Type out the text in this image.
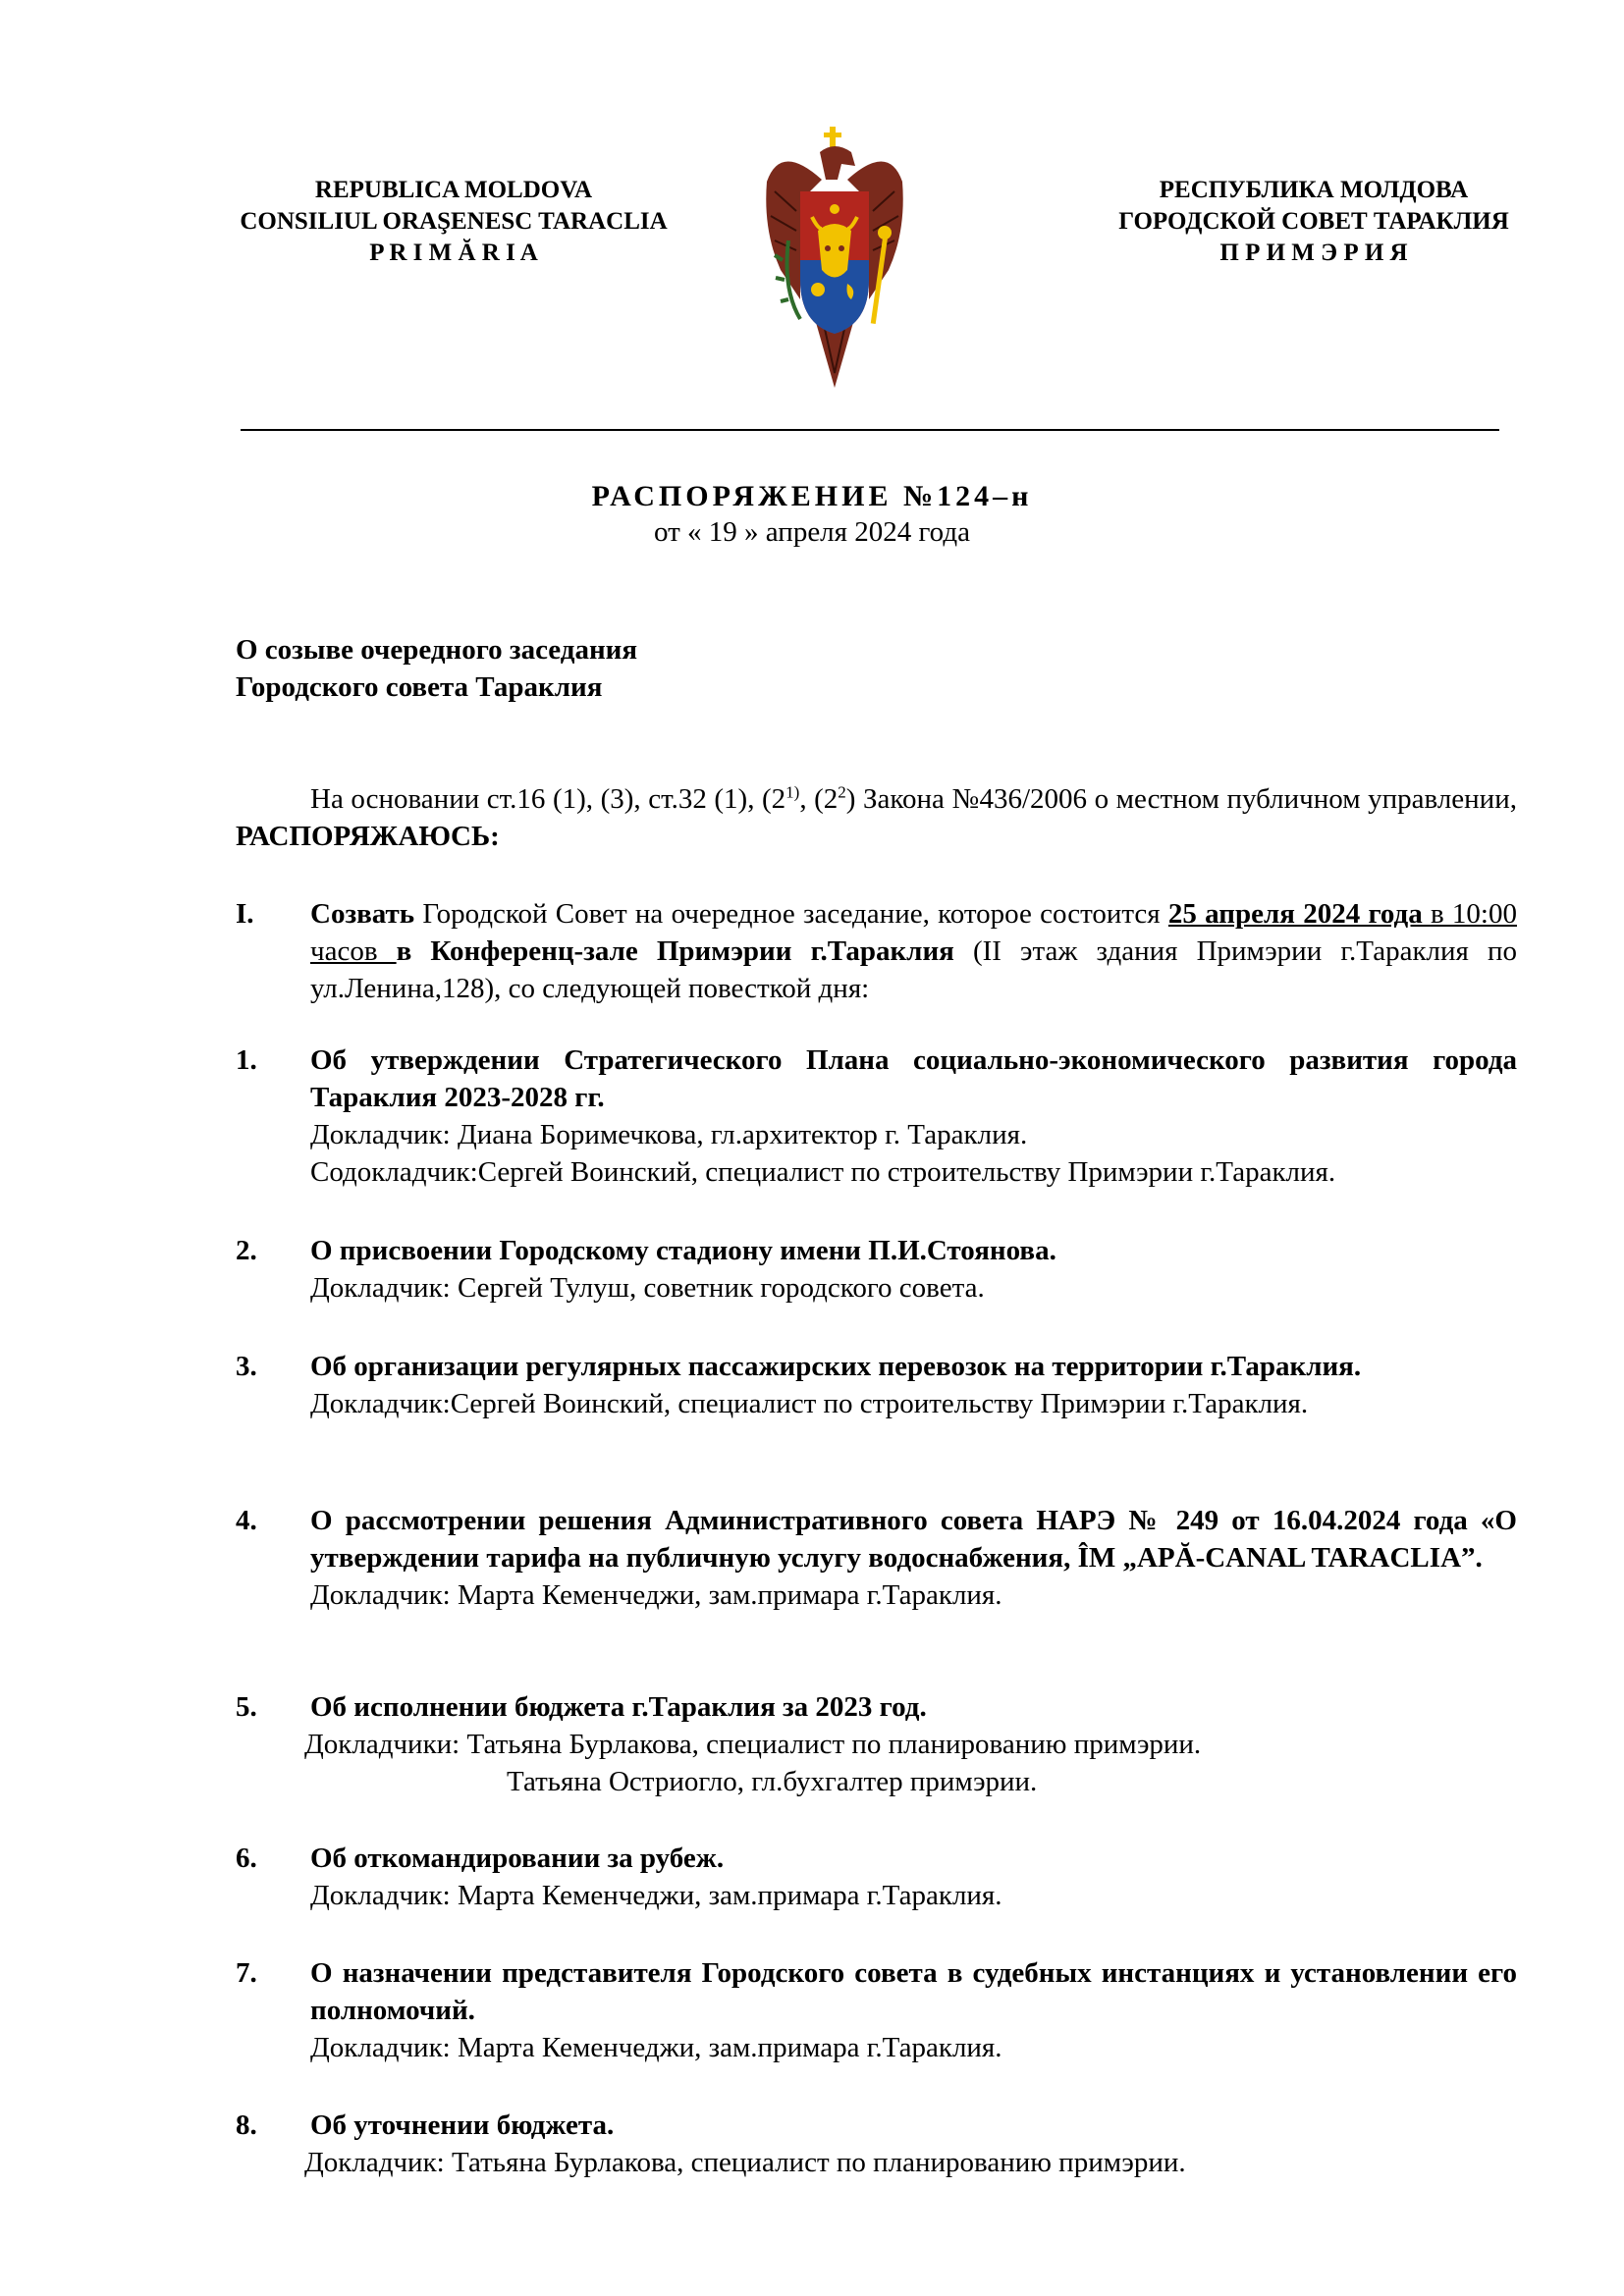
REPUBLICA MOLDOVA
CONSILIUL ORAŞENESC TARACLIA
P R I M Ă R I A
РЕСПУБЛИКА МОЛДОВА
ГОРОДСКОЙ СОВЕТ ТАРАКЛИЯ
П Р И М Э Р И Я
РАСПОРЯЖЕНИЕ №124–н
от « 19 » апреля 2024 года
О созыве очередного заседания
Городского совета Тараклия
На основании ст.16 (1), (3), ст.32 (1), (2$^{1)}$, $(2^2)$ Закона №436/2006 о местном публичном управлении, РАСПОРЯЖАЮСЬ:
I. Созвать Городской Совет на очередное заседание, которое состоится 25 апреля 2024 года в 10:00 часов в Конференц-зале Примэрии г.Тараклия (II этаж здания Примэрии г.Тараклия по ул.Ленина,128), со следующей повесткой дня:
1. Об утверждении Стратегического Плана социально-экономического развития города Тараклия 2023-2028 гг.
Докладчик: Диана Боримечкова, гл.архитектор г. Тараклия.
Содокладчик:Сергей Воинский, специалист по строительству Примэрии г.Тараклия.
2. О присвоении Городскому стадиону имени П.И.Стоянова.
Докладчик: Сергей Тулуш, советник городского совета.
3. Об организации регулярных пассажирских перевозок на территории г.Тараклия.
Докладчик:Сергей Воинский, специалист по строительству Примэрии г.Тараклия.
4. О рассмотрении решения Административного совета НАРЭ № 249 от 16.04.2024 года «О утверждении тарифа на публичную услугу водоснабжения, ÎM „APĂ-CANAL TARACLIA”.
Докладчик: Марта Кеменчеджи, зам.примара г.Тараклия.
5. Об исполнении бюджета г.Тараклия за 2023 год.
Докладчики: Татьяна Бурлакова, специалист по планированию примэрии.
Татьяна Остриогло, гл.бухгалтер примэрии.
6. Об откомандировании за рубеж.
Докладчик: Марта Кеменчеджи, зам.примара г.Тараклия.
7. О назначении представителя Городского совета в судебных инстанциях и установлении его полномочий.
Докладчик: Марта Кеменчеджи, зам.примара г.Тараклия.
8. Об уточнении бюджета.
Докладчик: Татьяна Бурлакова, специалист по планированию примэрии.
